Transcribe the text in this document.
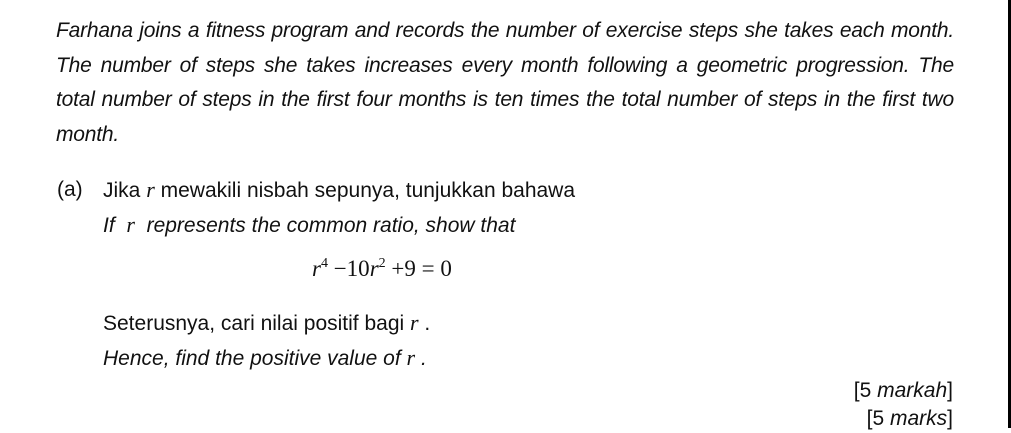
Farhana joins a fitness program and records the number of exercise steps she takes each month. The number of steps she takes increases every month following a geometric progression. The total number of steps in the first four months is ten times the total number of steps in the first two month.
(a) Jika r mewakili nisbah sepunya, tunjukkan bahawa
If r represents the common ratio, show that
$r^4 -10r^2 +9 = 0$
Seterusnya, cari nilai positif bagi r .
Hence, find the positive value of r .
[5 markah]
[5 marks]
